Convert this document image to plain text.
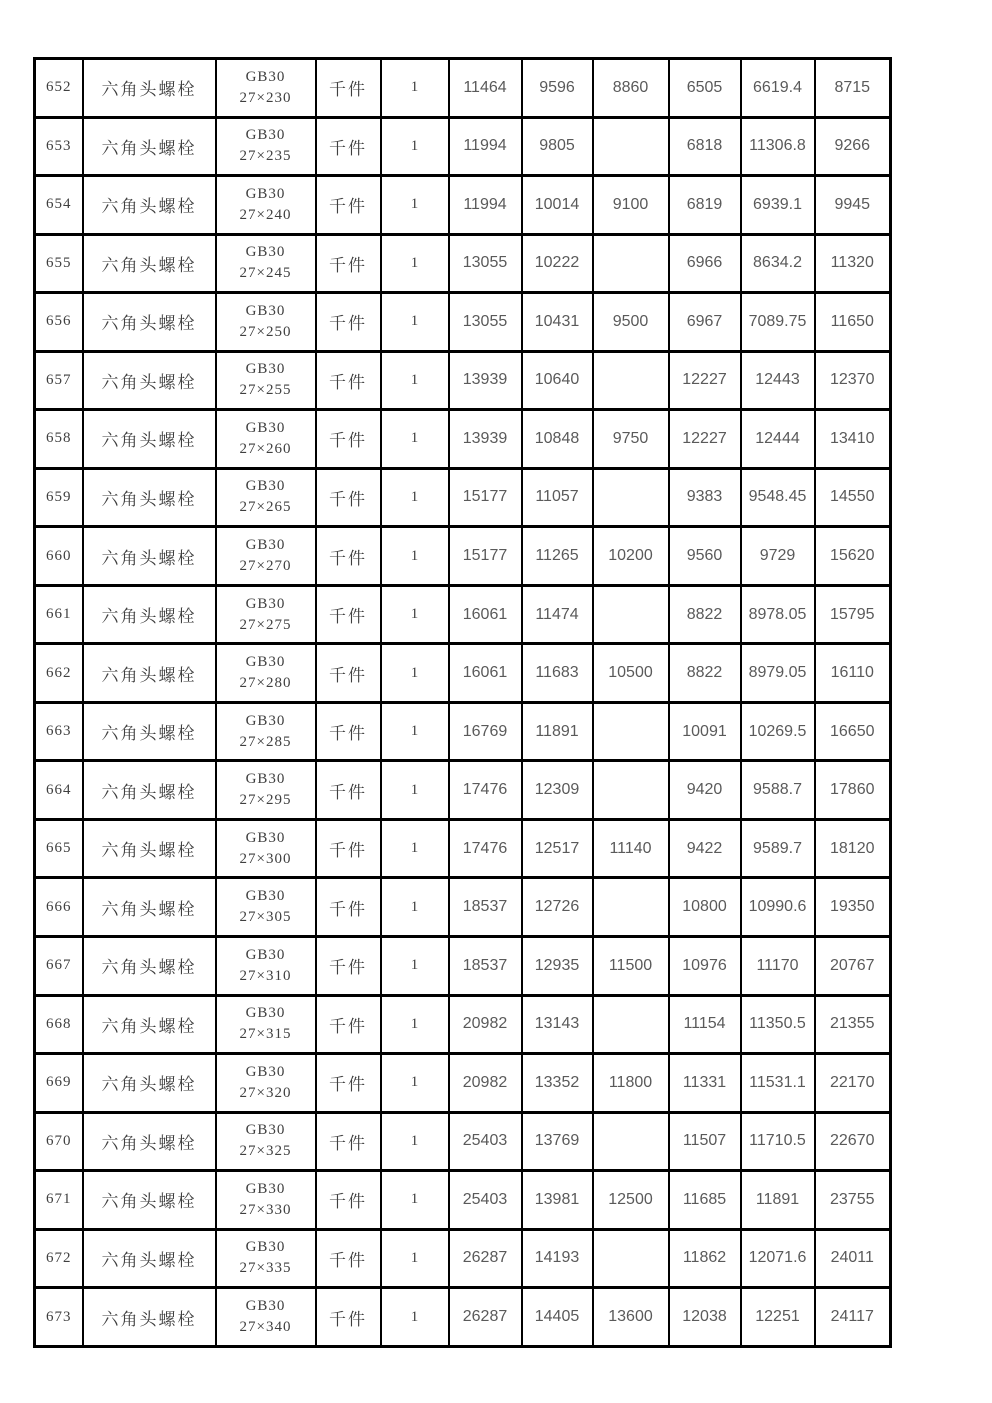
652	六角头螺栓	GB30
27×230	千件	1	11464	9596	8860	6505	6619.4	8715
653	六角头螺栓	GB30
27×235	千件	1	11994	9805		6818	11306.8	9266
654	六角头螺栓	GB30
27×240	千件	1	11994	10014	9100	6819	6939.1	9945
655	六角头螺栓	GB30
27×245	千件	1	13055	10222		6966	8634.2	11320
656	六角头螺栓	GB30
27×250	千件	1	13055	10431	9500	6967	7089.75	11650
657	六角头螺栓	GB30
27×255	千件	1	13939	10640		12227	12443	12370
658	六角头螺栓	GB30
27×260	千件	1	13939	10848	9750	12227	12444	13410
659	六角头螺栓	GB30
27×265	千件	1	15177	11057		9383	9548.45	14550
660	六角头螺栓	GB30
27×270	千件	1	15177	11265	10200	9560	9729	15620
661	六角头螺栓	GB30
27×275	千件	1	16061	11474		8822	8978.05	15795
662	六角头螺栓	GB30
27×280	千件	1	16061	11683	10500	8822	8979.05	16110
663	六角头螺栓	GB30
27×285	千件	1	16769	11891		10091	10269.5	16650
664	六角头螺栓	GB30
27×295	千件	1	17476	12309		9420	9588.7	17860
665	六角头螺栓	GB30
27×300	千件	1	17476	12517	11140	9422	9589.7	18120
666	六角头螺栓	GB30
27×305	千件	1	18537	12726		10800	10990.6	19350
667	六角头螺栓	GB30
27×310	千件	1	18537	12935	11500	10976	11170	20767
668	六角头螺栓	GB30
27×315	千件	1	20982	13143		11154	11350.5	21355
669	六角头螺栓	GB30
27×320	千件	1	20982	13352	11800	11331	11531.1	22170
670	六角头螺栓	GB30
27×325	千件	1	25403	13769		11507	11710.5	22670
671	六角头螺栓	GB30
27×330	千件	1	25403	13981	12500	11685	11891	23755
672	六角头螺栓	GB30
27×335	千件	1	26287	14193		11862	12071.6	24011
673	六角头螺栓	GB30
27×340	千件	1	26287	14405	13600	12038	12251	24117
